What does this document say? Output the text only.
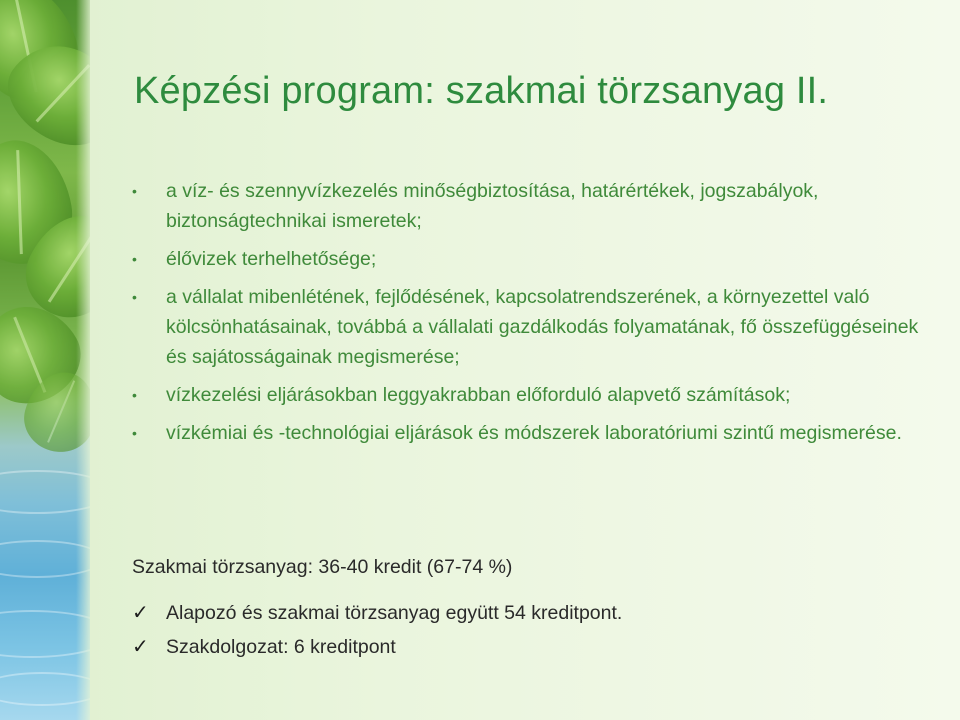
Képzési program: szakmai törzsanyag II.
• a víz- és szennyvízkezelés minőségbiztosítása, határértékek, jogszabályok, biztonságtechnikai ismeretek;
• élővizek terhelhetősége;
• a vállalat mibenlétének, fejlődésének, kapcsolatrendszerének, a környezettel való kölcsönhatásainak, továbbá a vállalati gazdálkodás folyamatának, fő összefüggéseinek és sajátosságainak megismerése;
• vízkezelési eljárásokban leggyakrabban előforduló alapvető számítások;
• vízkémiai és -technológiai eljárások és módszerek laboratóriumi szintű megismerése.

Szakmai törzsanyag: 36-40 kredit (67-74 %)

✓ Alapozó és szakmai törzsanyag együtt 54 kreditpont.
✓ Szakdolgozat: 6 kreditpont
